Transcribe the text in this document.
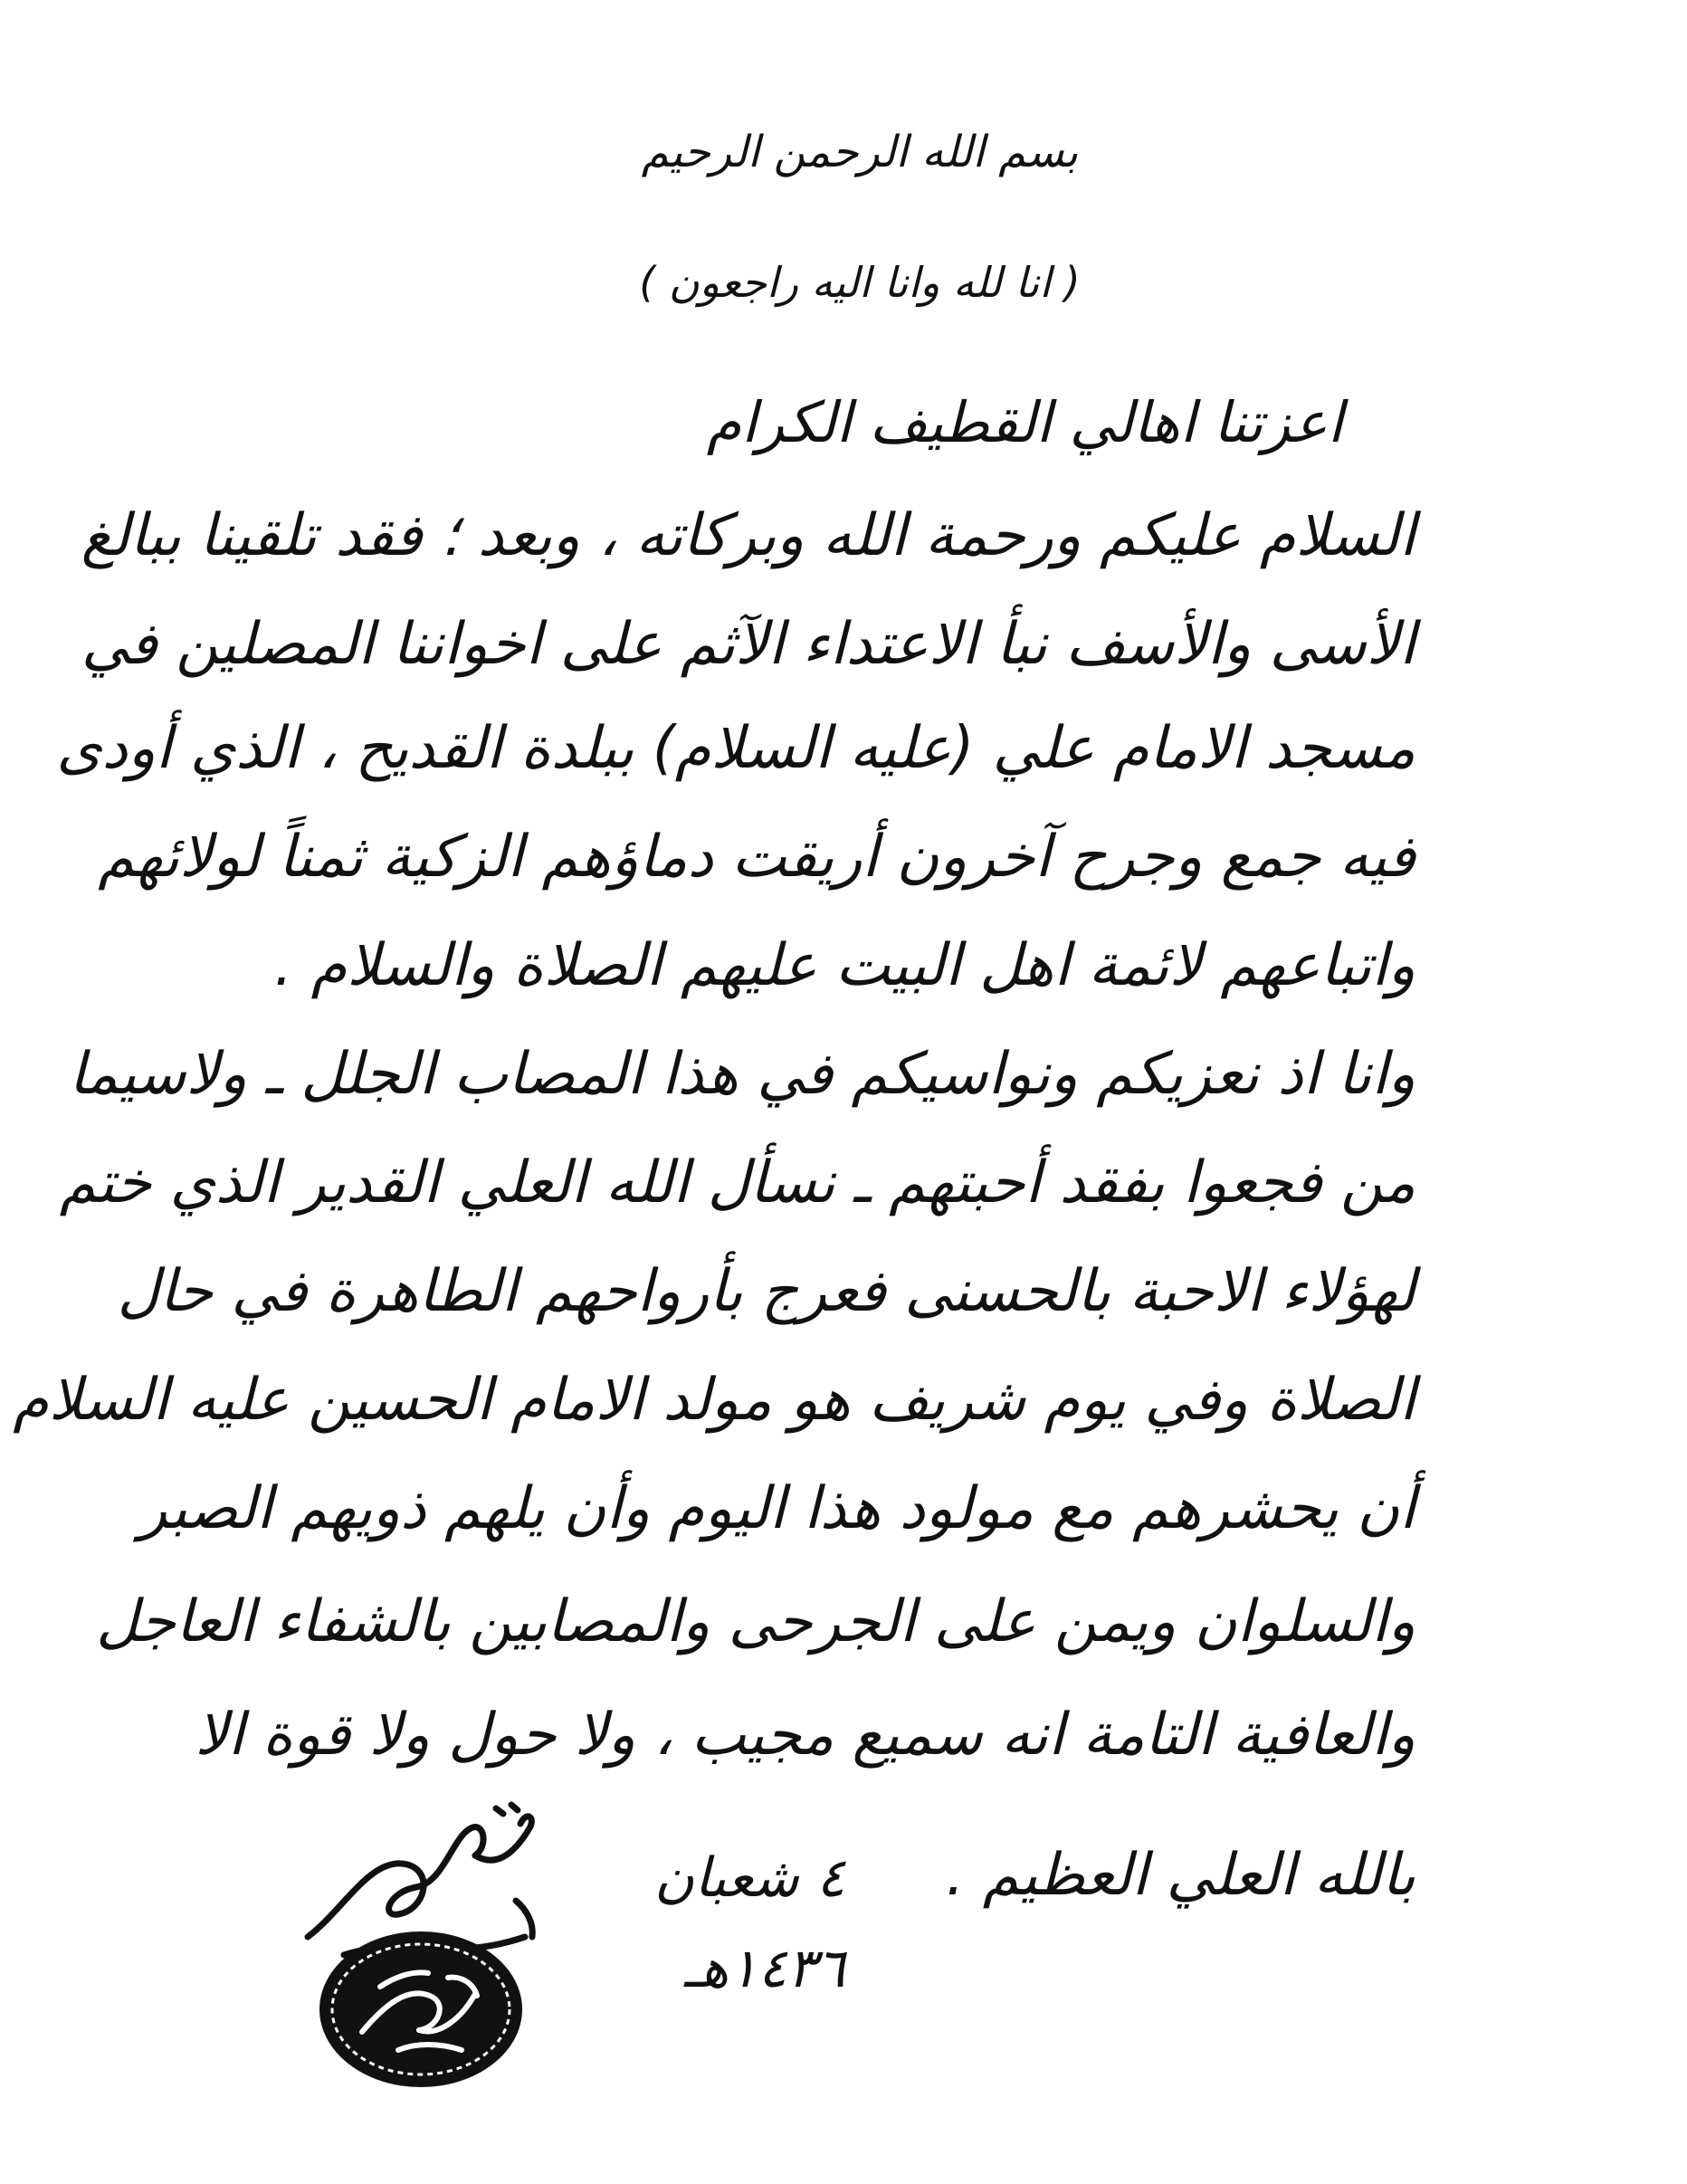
بسم الله الرحمن الرحيم
( انا لله وانا اليه راجعون )
اعزتنا اهالي القطيف الكرام
السلام عليكم ورحمة الله وبركاته ، وبعد ؛ فقد تلقينا ببالغ
الأسى والأسف نبأ الاعتداء الآثم على اخواننا المصلين في
مسجد الامام علي (عليه السلام) ببلدة القديح ، الذي أودى
فيه جمع وجرح آخرون أريقت دماؤهم الزكية ثمناً لولائهم
واتباعهم لائمة اهل البيت عليهم الصلاة والسلام .
وانا اذ نعزيكم ونواسيكم في هذا المصاب الجلل ـ ولاسيما
من فجعوا بفقد أحبتهم ـ نسأل الله العلي القدير الذي ختم
لهؤلاء الاحبة بالحسنى فعرج بأرواحهم الطاهرة في حال
الصلاة وفي يوم شريف هو مولد الامام الحسين عليه السلام
أن يحشرهم مع مولود هذا اليوم وأن يلهم ذويهم الصبر
والسلوان ويمن على الجرحى والمصابين بالشفاء العاجل
والعافية التامة انه سميع مجيب ، ولا حول ولا قوة الا
بالله العلي العظيم .
٤ شعبان
١٤٣٦هـ
